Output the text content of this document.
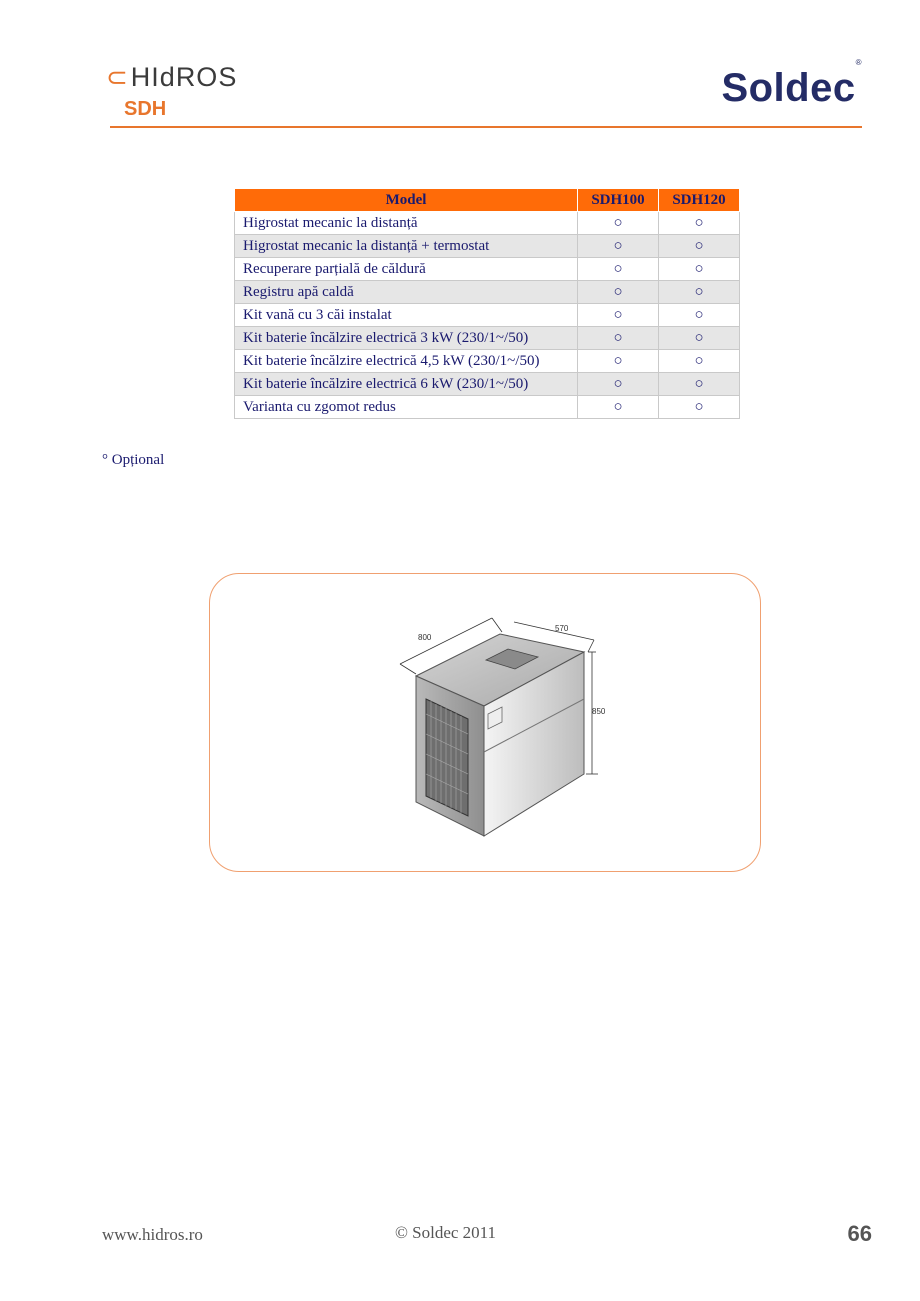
⊂ HIdROS
SDH	Soldec®
Model	SDH100	SDH120
Higrostat mecanic la distanță	○	○
Higrostat mecanic la distanță + termostat	○	○
Recuperare parțială de căldură	○	○
Registru apă caldă	○	○
Kit vană cu 3 căi instalat	○	○
Kit baterie încălzire electrică 3 kW (230/1~/50)	○	○
Kit baterie încălzire electrică 4,5 kW (230/1~/50)	○	○
Kit baterie încălzire electrică 6 kW (230/1~/50)	○	○
Varianta cu zgomot redus	○	○
° Opțional
800
570
850
www.hidros.ro	© Soldec 2011	66
